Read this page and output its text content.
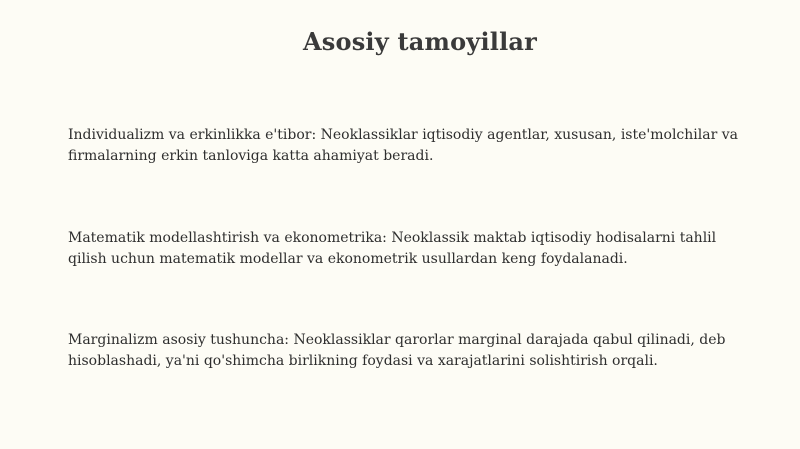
Asosiy tamoyillar

Individualizm va erkinlikka e'tibor: Neoklassiklar iqtisodiy agentlar, xususan, iste'molchilar va firmalarning erkin tanloviga katta ahamiyat beradi.

Matematik modellashtirish va ekonometrika: Neoklassik maktab iqtisodiy hodisalarni tahlil qilish uchun matematik modellar va ekonometrik usullardan keng foydalanadi.

Marginalizm asosiy tushuncha: Neoklassiklar qarorlar marginal darajada qabul qilinadi, deb hisoblashadi, ya'ni qo'shimcha birlikning foydasi va xarajatlarini solishtirish orqali.
